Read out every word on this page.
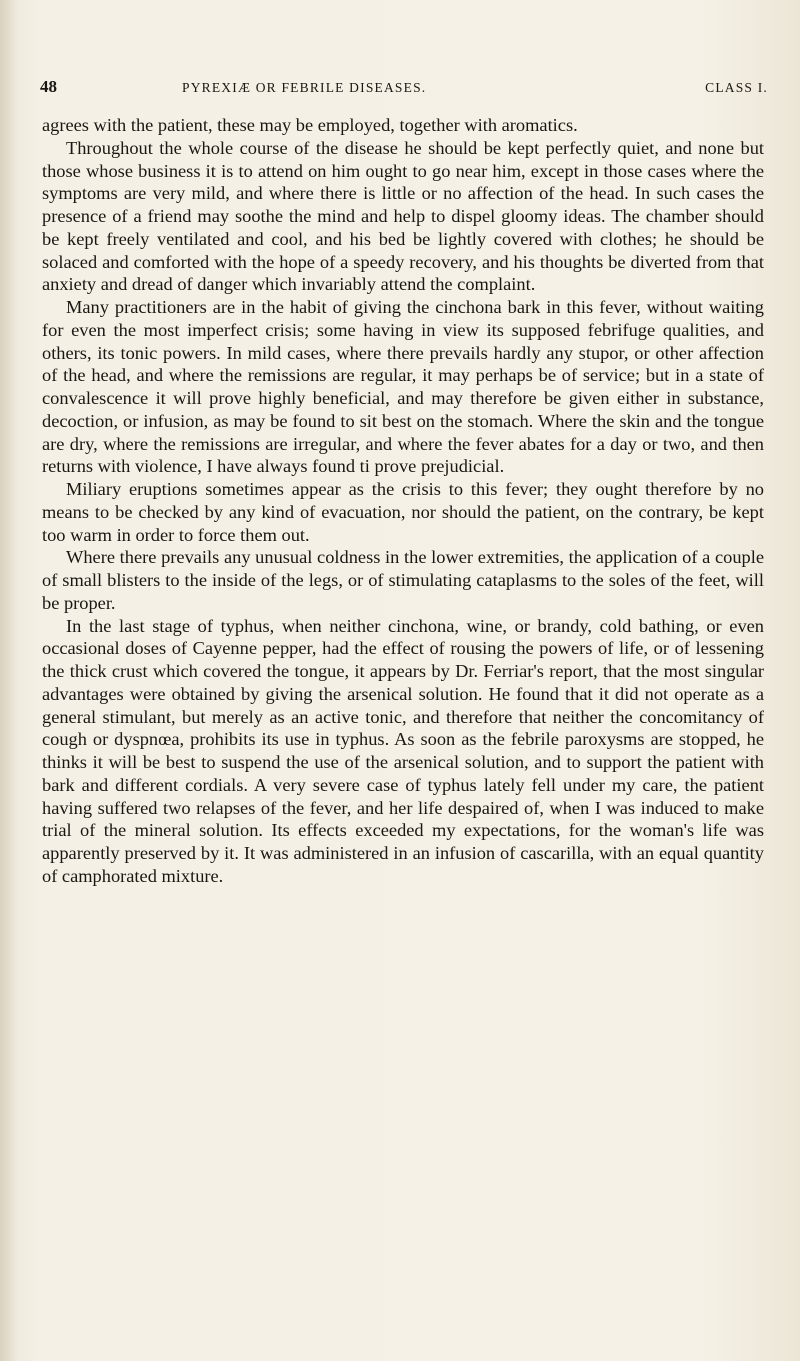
48	PYREXIÆ OR FEBRILE DISEASES.	CLASS I.

agrees with the patient, these may be employed, together with aromatics.

Throughout the whole course of the disease he should be kept perfectly quiet, and none but those whose business it is to attend on him ought to go near him, except in those cases where the symptoms are very mild, and where there is little or no affection of the head. In such cases the presence of a friend may soothe the mind and help to dispel gloomy ideas. The chamber should be kept freely ventilated and cool, and his bed be lightly covered with clothes; he should be solaced and comforted with the hope of a speedy recovery, and his thoughts be diverted from that anxiety and dread of danger which invariably attend the complaint.

Many practitioners are in the habit of giving the cinchona bark in this fever, without waiting for even the most imperfect crisis; some having in view its supposed febrifuge qualities, and others, its tonic powers. In mild cases, where there prevails hardly any stupor, or other affection of the head, and where the remissions are regular, it may perhaps be of service; but in a state of convalescence it will prove highly beneficial, and may therefore be given either in substance, decoction, or infusion, as may be found to sit best on the stomach. Where the skin and the tongue are dry, where the remissions are irregular, and where the fever abates for a day or two, and then returns with violence, I have always found ti prove prejudicial.

Miliary eruptions sometimes appear as the crisis to this fever; they ought therefore by no means to be checked by any kind of evacuation, nor should the patient, on the contrary, be kept too warm in order to force them out.

Where there prevails any unusual coldness in the lower extremities, the application of a couple of small blisters to the inside of the legs, or of stimulating cataplasms to the soles of the feet, will be proper.

In the last stage of typhus, when neither cinchona, wine, or brandy, cold bathing, or even occasional doses of Cayenne pepper, had the effect of rousing the powers of life, or of lessening the thick crust which covered the tongue, it appears by Dr. Ferriar's report, that the most singular advantages were obtained by giving the arsenical solution. He found that it did not operate as a general stimulant, but merely as an active tonic, and therefore that neither the concomitancy of cough or dyspnœa, prohibits its use in typhus. As soon as the febrile paroxysms are stopped, he thinks it will be best to suspend the use of the arsenical solution, and to support the patient with bark and different cordials. A very severe case of typhus lately fell under my care, the patient having suffered two relapses of the fever, and her life despaired of, when I was induced to make trial of the mineral solution. Its effects exceeded my expectations, for the woman's life was apparently preserved by it. It was administered in an infusion of cascarilla, with an equal quantity of camphorated mixture.
